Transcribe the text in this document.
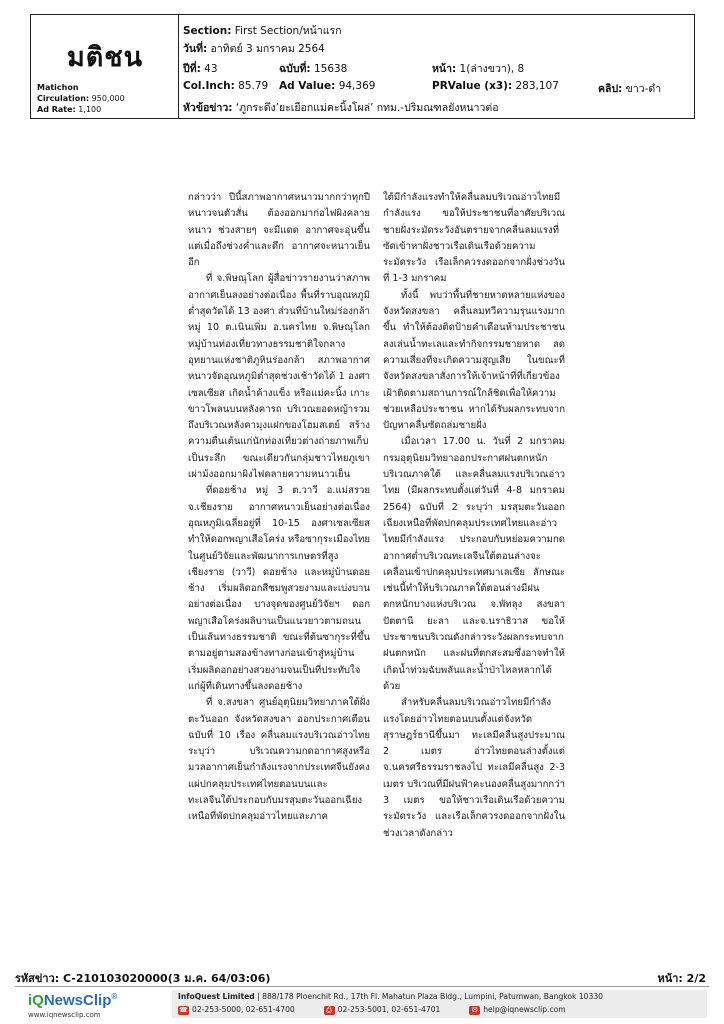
มติชน
Matichon
Circulation: 950,000
Ad Rate: 1,100
Section: First Section/หน้าแรก
วันที่: อาทิตย์ 3 มกราคม 2564
ปีที่: 43	ฉบับที่: 15638	หน้า: 1(ล่างขวา), 8
Col.Inch: 85.79 Ad Value: 94,369	PRValue (x3): 283,107	คลิป: ขาว-ดำ
หัวข้อข่าว: ‘ภูกระดึง’ยะเยือกแม่คะนิ้งโผล่’ กทม.-ปริมณฑลยังหนาวต่อ

กล่าวว่า ปีนี้สภาพอากาศหนาวมากกว่าทุกปีหนาวจนตัวสั่น ต้องออกมาก่อไฟผิงคลายหนาว ช่วงสายๆ จะมีแดด อากาศจะอุ่นขึ้นแต่เมื่อถึงช่วงค่ำและดึก อากาศจะหนาวเย็นอีก

ที่ จ.พิษณุโลก ผู้สื่อข่าวรายงานว่าสภาพอากาศเย็นลงอย่างต่อเนื่อง พื้นที่ราบอุณหภูมิต่ำสุดวัดได้ 13 องศา ส่วนที่บ้านใหม่ร่องกล้า หมู่ 10 ต.เนินเพิ่ม อ.นครไทย จ.พิษณุโลก หมู่บ้านท่องเที่ยวทางธรรมชาติใจกลางอุทยานแห่งชาติภูหินร่องกล้า สภาพอากาศหนาวจัดอุณหภูมิต่ำสุดช่วงเช้าวัดได้ 1 องศาเซลเซียส เกิดน้ำค้างแข็ง หรือแม่คะนิ้ง เกาะขาวโพลนบนหลังคารถ บริเวณยอดหญ้ารวมถึงบริเวณหลังคามุงแฝกของโฮมสเตย์ สร้างความตื่นเต้นแก่นักท่องเที่ยวต่างถ่ายภาพเก็บเป็นระลึก ขณะเดียวกันกลุ่มชาวไทยภูเขาเผ่าม้งออกมาผิงไฟคลายความหนาวเย็น

ที่ดอยช้าง หมู่ 3 ต.วาวี อ.แม่สรวย จ.เชียงราย อากาศหนาวเย็นอย่างต่อเนื่องอุณหภูมิเฉลี่ยอยู่ที่ 10-15 องศาเซลเซียส ทำให้ดอกพญาเสือโคร่ง หรือซากุระเมืองไทย ในศูนย์วิจัยและพัฒนาการเกษตรที่สูงเชียงราย (วาวี) ดอยช้าง และหมู่บ้านดอยช้าง เริ่มผลิดอกสีชมพูสวยงามและเบ่งบานอย่างต่อเนื่อง บางจุดของศูนย์วิจัยฯ ดอกพญาเสือโคร่งผลิบานเป็นแนวยาวตามถนน เป็นเส้นทางธรรมชาติ ขณะที่ต้นซากุระที่ขึ้นตามอยู่ตามสองข้างทางก่อนเข้าสู่หมู่บ้าน เริ่มผลิดอกอย่างสวยงามจนเป็นที่ประทับใจแก่ผู้ที่เดินทางขึ้นลงดอยช้าง

ที่ จ.สงขลา ศูนย์อุตุนิยมวิทยาภาคใต้ฝั่งตะวันออก จังหวัดสงขลา ออกประกาศเตือนฉบับที่ 10 เรื่อง คลื่นลมแรงบริเวณอ่าวไทย ระบุว่า บริเวณความกดอากาศสูงหรือมวลอากาศเย็นกำลังแรงจากประเทศจีนยังคงแผ่ปกคลุมประเทศไทยตอนบนและทะเลจีนใต้ประกอบกับมรสุมตะวันออกเฉียงเหนือที่พัดปกคลุมอ่าวไทยและภาค

ใต้มีกำลังแรงทำให้คลื่นลมบริเวณอ่าวไทยมีกำลังแรง ขอให้ประชาชนที่อาศัยบริเวณชายฝั่งระมัดระวังอันตรายจากคลื่นลมแรงที่ซัดเข้าหาฝั่งชาวเรือเดินเรือด้วยความระมัดระวัง เรือเล็กควรงดออกจากฝั่งช่วงวันที่ 1-3 มกราคม

ทั้งนี้ พบว่าพื้นที่ชายหาดหลายแห่งของจังหวัดสงขลา คลื่นลมทวีความรุนแรงมากขึ้น ทำให้ต้องติดป้ายคำเตือนห้ามประชาชนลงเล่นน้ำทะเลและทำกิจกรรมชายหาด ลดความเสี่ยงที่จะเกิดความสูญเสีย ในขณะที่จังหวัดสงขลาสั่งการให้เจ้าหน้าที่ที่เกี่ยวข้องเฝ้าติดตามสถานการณ์ใกล้ชิดเพื่อให้ความช่วยเหลือประชาชน หากได้รับผลกระทบจากปัญหาคลื่นซัดถล่มชายฝั่ง

เมื่อเวลา 17.00 น. วันที่ 2 มกราคม กรมอุตุนิยมวิทยาออกประกาศฝนตกหนักบริเวณภาคใต้ และคลื่นลมแรงบริเวณอ่าวไทย (มีผลกระทบตั้งแต่วันที่ 4-8 มกราคม 2564) ฉบับที่ 2 ระบุว่า มรสุมตะวันออกเฉียงเหนือที่พัดปกคลุมประเทศไทยและอ่าวไทยมีกำลังแรง ประกอบกับหย่อมความกดอากาศต่ำบริเวณทะเลจีนใต้ตอนล่างจะเคลื่อนเข้าปกคลุมประเทศมาเลเซีย ลักษณะเช่นนี้ทำให้บริเวณภาคใต้ตอนล่างมีฝนตกหนักบางแห่งบริเวณ จ.พัทลุง สงขลา ปัตตานี ยะลา และจ.นราธิวาส ขอให้ประชาชนบริเวณดังกล่าวระวังผลกระทบจากฝนตกหนัก และฝนที่ตกสะสมซึ่งอาจทำให้เกิดน้ำท่วมฉับพลันและน้ำป่าไหลหลากได้ด้วย

สำหรับคลื่นลมบริเวณอ่าวไทยมีกำลังแรงโดยอ่าวไทยตอนบนตั้งแต่จังหวัดสุราษฎร์ธานีขึ้นมา ทะเลมีคลื่นสูงประมาณ 2 เมตร อ่าวไทยตอนล่างตั้งแต่ จ.นครศรีธรรมราชลงไป ทะเลมีคลื่นสูง 2-3 เมตร บริเวณที่มีฝนฟ้าคะนองคลื่นสูงมากกว่า 3 เมตร ขอให้ชาวเรือเดินเรือด้วยความระมัดระวัง และเรือเล็กควรงดออกจากฝั่งในช่วงเวลาดังกล่าว

รหัสข่าว: C-210103020000(3 ม.ค. 64/03:06)	หน้า: 2/2
iQNewsClip®
www.iqnewsclip.com
InfoQuest Limited | 888/178 Ploenchit Rd., 17th Fl. Mahatun Plaza Bldg., Lumpini, Patumwan, Bangkok 10330
☎ 02-253-5000, 02-651-4700	⎙ 02-253-5001, 02-651-4701	✉ help@iqnewsclip.com
